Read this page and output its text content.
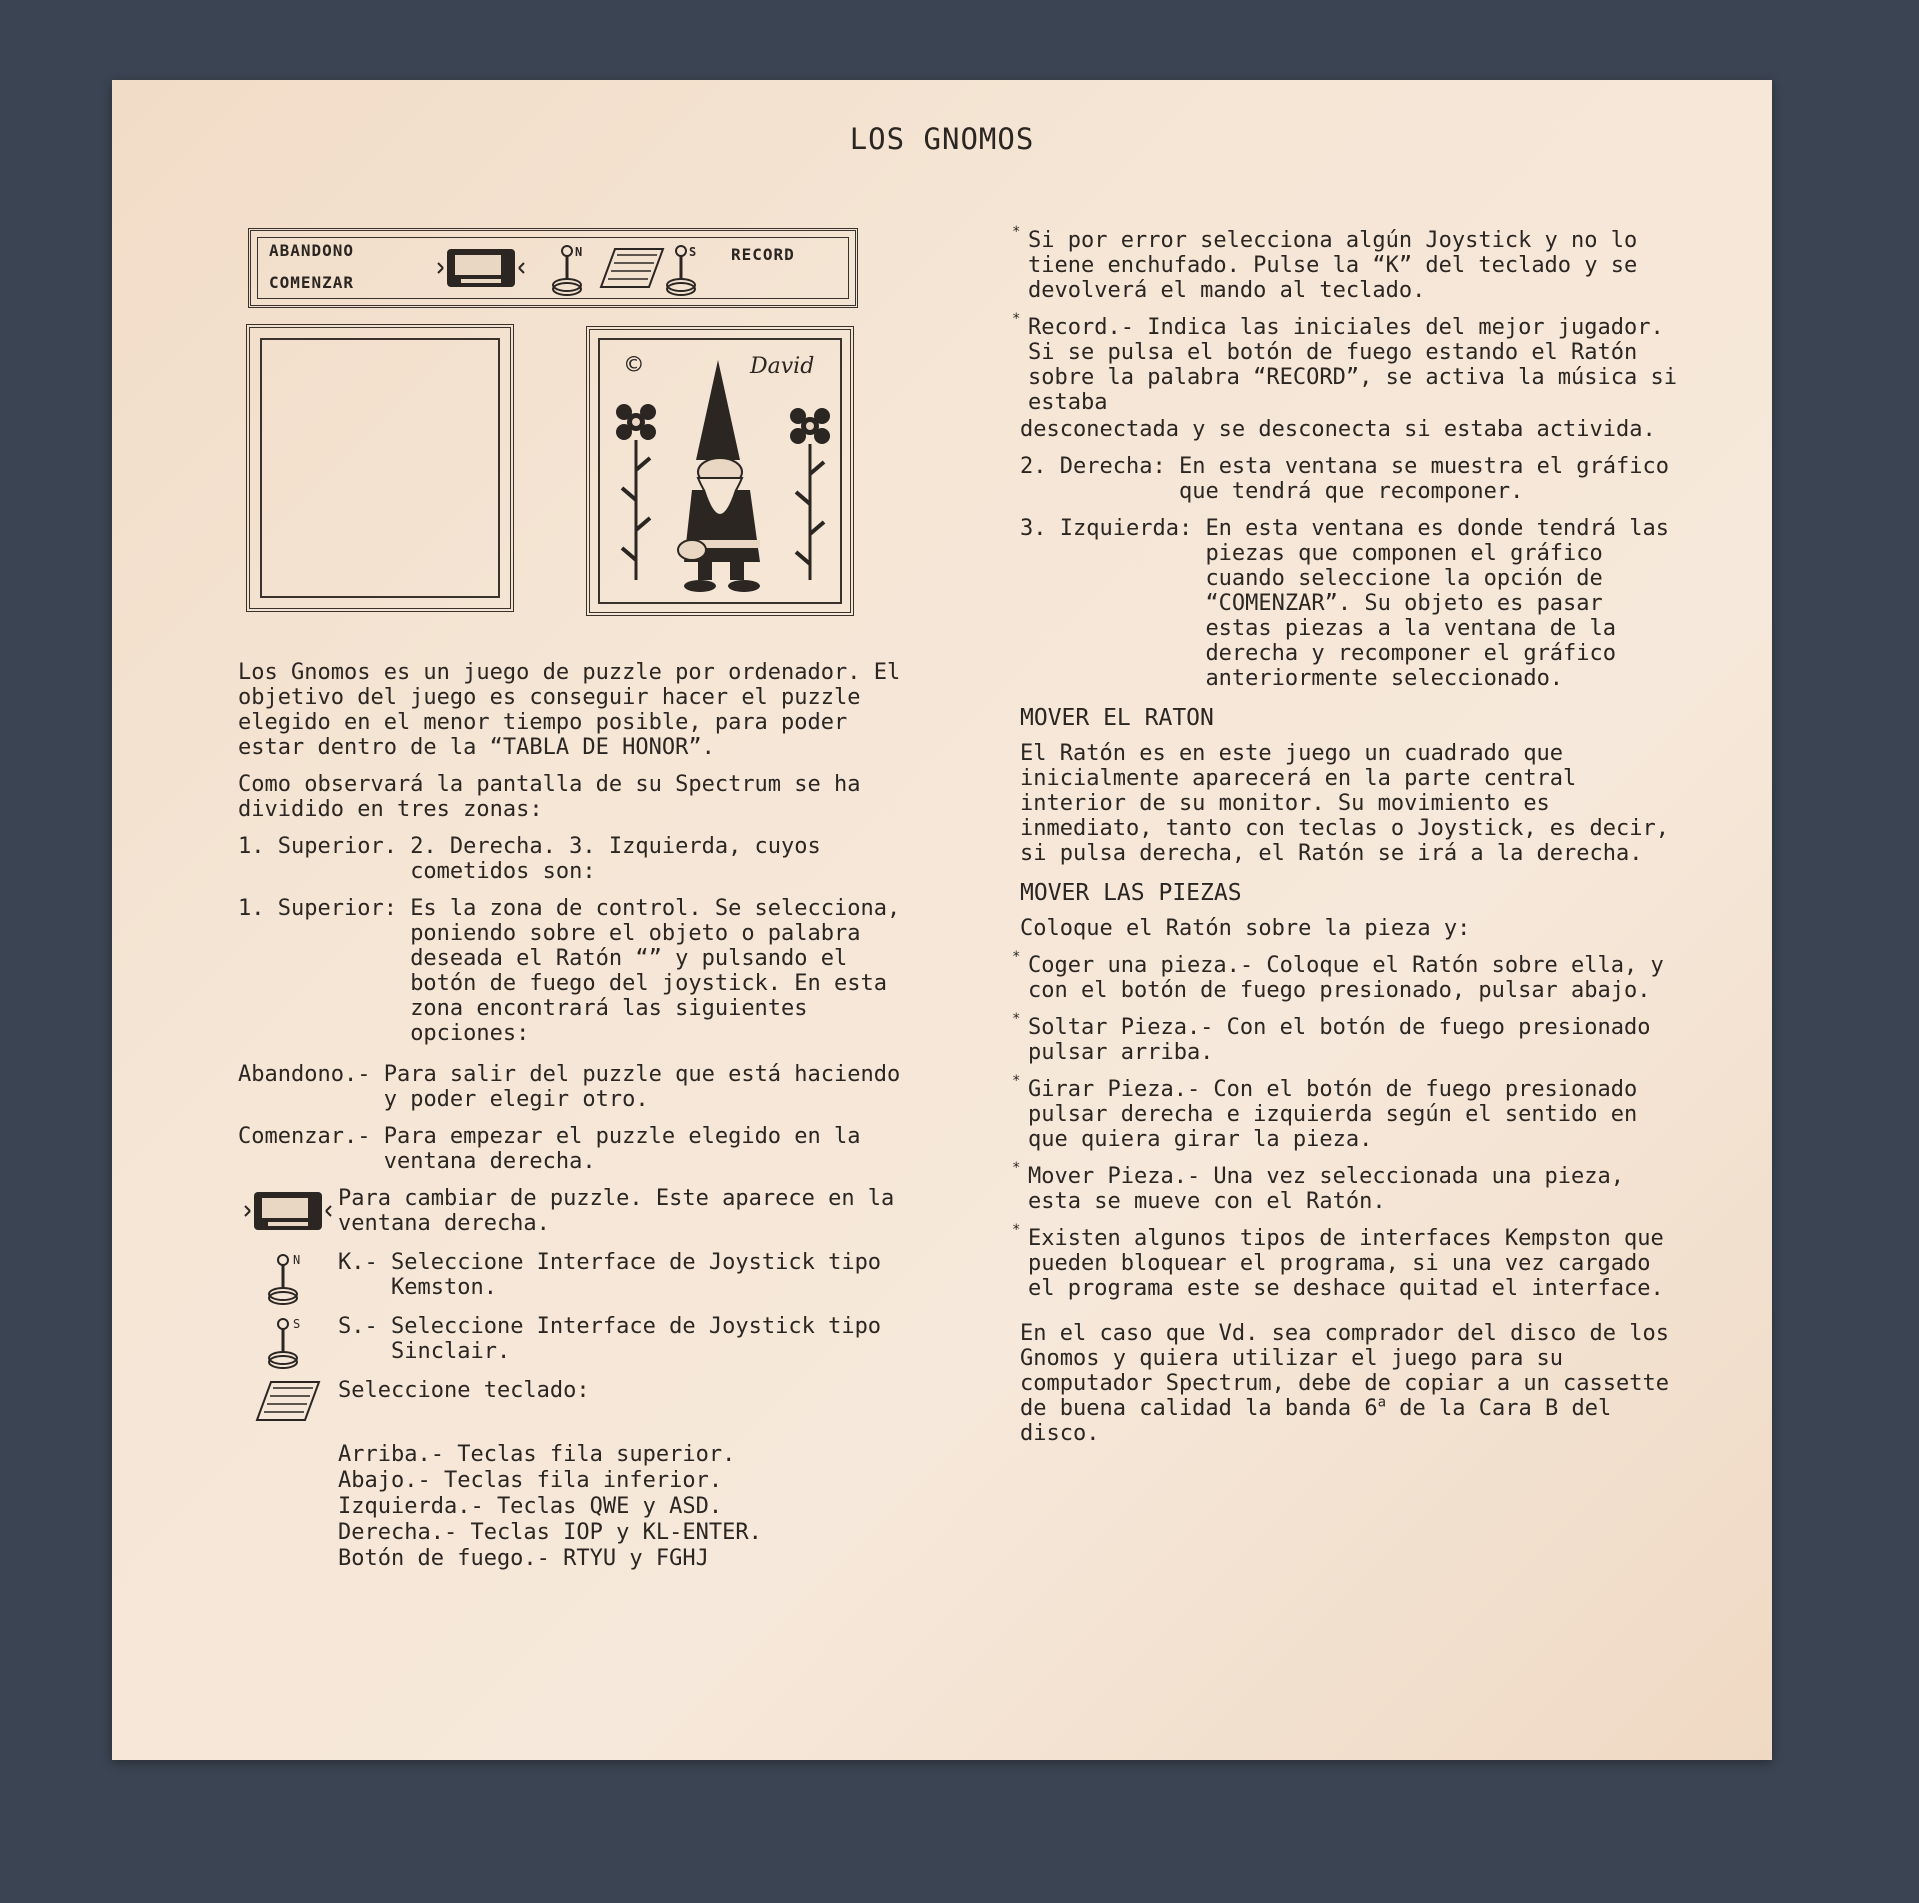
LOS GNOMOS
ABANDONO
COMENZAR
N	S RECORD
©	David

Los Gnomos es un juego de puzzle por ordenador. El objetivo del juego es conseguir hacer el puzzle elegido en el menor tiempo posible, para poder estar dentro de la “TABLA DE HONOR”.

Como observará la pantalla de su Spectrum se ha dividido en tres zonas:

1. Superior. 2. Derecha. 3. Izquierda, cuyos cometidos son:
1. Superior: Es la zona de control. Se selecciona, poniendo sobre el objeto o palabra deseada el Ratón “” y pulsando el botón de fuego del joystick. En esta zona encontrará las siguientes opciones:
Abandono.- Para salir del puzzle que está haciendo y poder elegir otro.
Comenzar.- Para empezar el puzzle elegido en la ventana derecha.
Para cambiar de puzzle. Este aparece en la ventana derecha.
N K.- Seleccione Interface de Joystick tipo Kemston.
S S.- Seleccione Interface de Joystick tipo Sinclair.
Seleccione teclado:
Arriba.- Teclas fila superior.
Abajo.- Teclas fila inferior.
Izquierda.- Teclas QWE y ASD.
Derecha.- Teclas IOP y KL-ENTER.
Botón de fuego.- RTYU y FGHJ

* Si por error selecciona algún Joystick y no lo tiene enchufado. Pulse la “K” del teclado y se devolverá el mando al teclado.

* Record.- Indica las iniciales del mejor jugador. Si se pulsa el botón de fuego estando el Ratón sobre la palabra “RECORD”, se activa la música si estaba

desconectada y se desconecta si estaba activida.

2. Derecha: En esta ventana se muestra el gráfico que tendrá que recomponer.
3. Izquierda: En esta ventana es donde tendrá las piezas que componen el gráfico cuando seleccione la opción de “COMENZAR”. Su objeto es pasar estas piezas a la ventana de la derecha y recomponer el gráfico anteriormente seleccionado.
MOVER EL RATON

El Ratón es en este juego un cuadrado que inicialmente aparecerá en la parte central interior de su monitor. Su movimiento es inmediato, tanto con teclas o Joystick, es decir, si pulsa derecha, el Ratón se irá a la derecha.

MOVER LAS PIEZAS

Coloque el Ratón sobre la pieza y:

* Coger una pieza.- Coloque el Ratón sobre ella, y con el botón de fuego presionado, pulsar abajo.

* Soltar Pieza.- Con el botón de fuego presionado pulsar arriba.

* Girar Pieza.- Con el botón de fuego presionado pulsar derecha e izquierda según el sentido en que quiera girar la pieza.

* Mover Pieza.- Una vez seleccionada una pieza, esta se mueve con el Ratón.

* Existen algunos tipos de interfaces Kempston que pueden bloquear el programa, si una vez cargado el programa este se deshace quitad el interface.

En el caso que Vd. sea comprador del disco de los Gnomos y quiera utilizar el juego para su computador Spectrum, debe de copiar a un cassette de buena calidad la banda 6$^a$ de la Cara B del disco.
